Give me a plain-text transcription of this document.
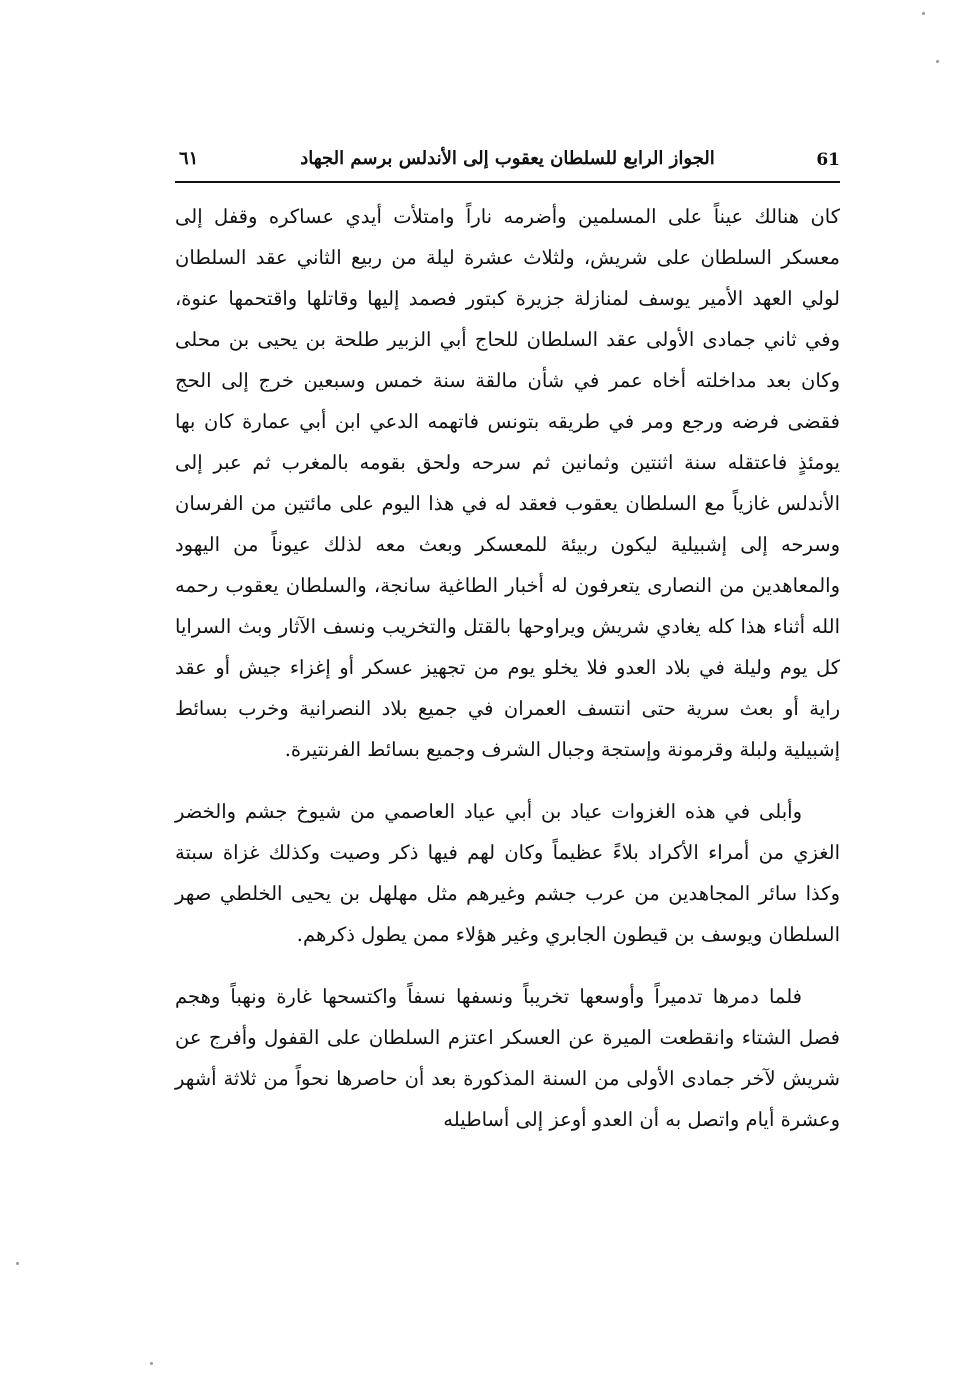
61
الجواز الرابع للسلطان يعقوب إلى الأندلس برسم الجهاد
٦١

كان هنالك عيناً على المسلمين وأضرمه ناراً وامتلأت أيدي عساكره وقفل إلى معسكر السلطان على شريش، ولثلاث عشرة ليلة من ربيع الثاني عقد السلطان لولي العهد الأمير يوسف لمنازلة جزيرة كبتور فصمد إليها وقاتلها واقتحمها عنوة، وفي ثاني جمادى الأولى عقد السلطان للحاج أبي الزبير طلحة بن يحيى بن محلى وكان بعد مداخلته أخاه عمر في شأن مالقة سنة خمس وسبعين خرج إلى الحج فقضى فرضه ورجع ومر في طريقه بتونس فاتهمه الدعي ابن أبي عمارة كان بها يومئذٍ فاعتقله سنة اثنتين وثمانين ثم سرحه ولحق بقومه بالمغرب ثم عبر إلى الأندلس غازياً مع السلطان يعقوب فعقد له في هذا اليوم على مائتين من الفرسان وسرحه إلى إشبيلية ليكون ربيئة للمعسكر وبعث معه لذلك عيوناً من اليهود والمعاهدين من النصارى يتعرفون له أخبار الطاغية سانجة، والسلطان يعقوب رحمه الله أثناء هذا كله يغادي شريش ويراوحها بالقتل والتخريب ونسف الآثار وبث السرايا كل يوم وليلة في بلاد العدو فلا يخلو يوم من تجهيز عسكر أو إغزاء جيش أو عقد راية أو بعث سرية حتى انتسف العمران في جميع بلاد النصرانية وخرب بسائط إشبيلية ولبلة وقرمونة وإستجة وجبال الشرف وجميع بسائط الفرنتيرة.

وأبلى في هذه الغزوات عياد بن أبي عياد العاصمي من شيوخ جشم والخضر الغزي من أمراء الأكراد بلاءً عظيماً وكان لهم فيها ذكر وصيت وكذلك غزاة سبتة وكذا سائر المجاهدين من عرب جشم وغيرهم مثل مهلهل بن يحيى الخلطي صهر السلطان ويوسف بن قيطون الجابري وغير هؤلاء ممن يطول ذكرهم.

فلما دمرها تدميراً وأوسعها تخريباً ونسفها نسفاً واكتسحها غارة ونهباً وهجم فصل الشتاء وانقطعت الميرة عن العسكر اعتزم السلطان على القفول وأفرج عن شريش لآخر جمادى الأولى من السنة المذكورة بعد أن حاصرها نحواً من ثلاثة أشهر وعشرة أيام واتصل به أن العدو أوعز إلى أساطيله
